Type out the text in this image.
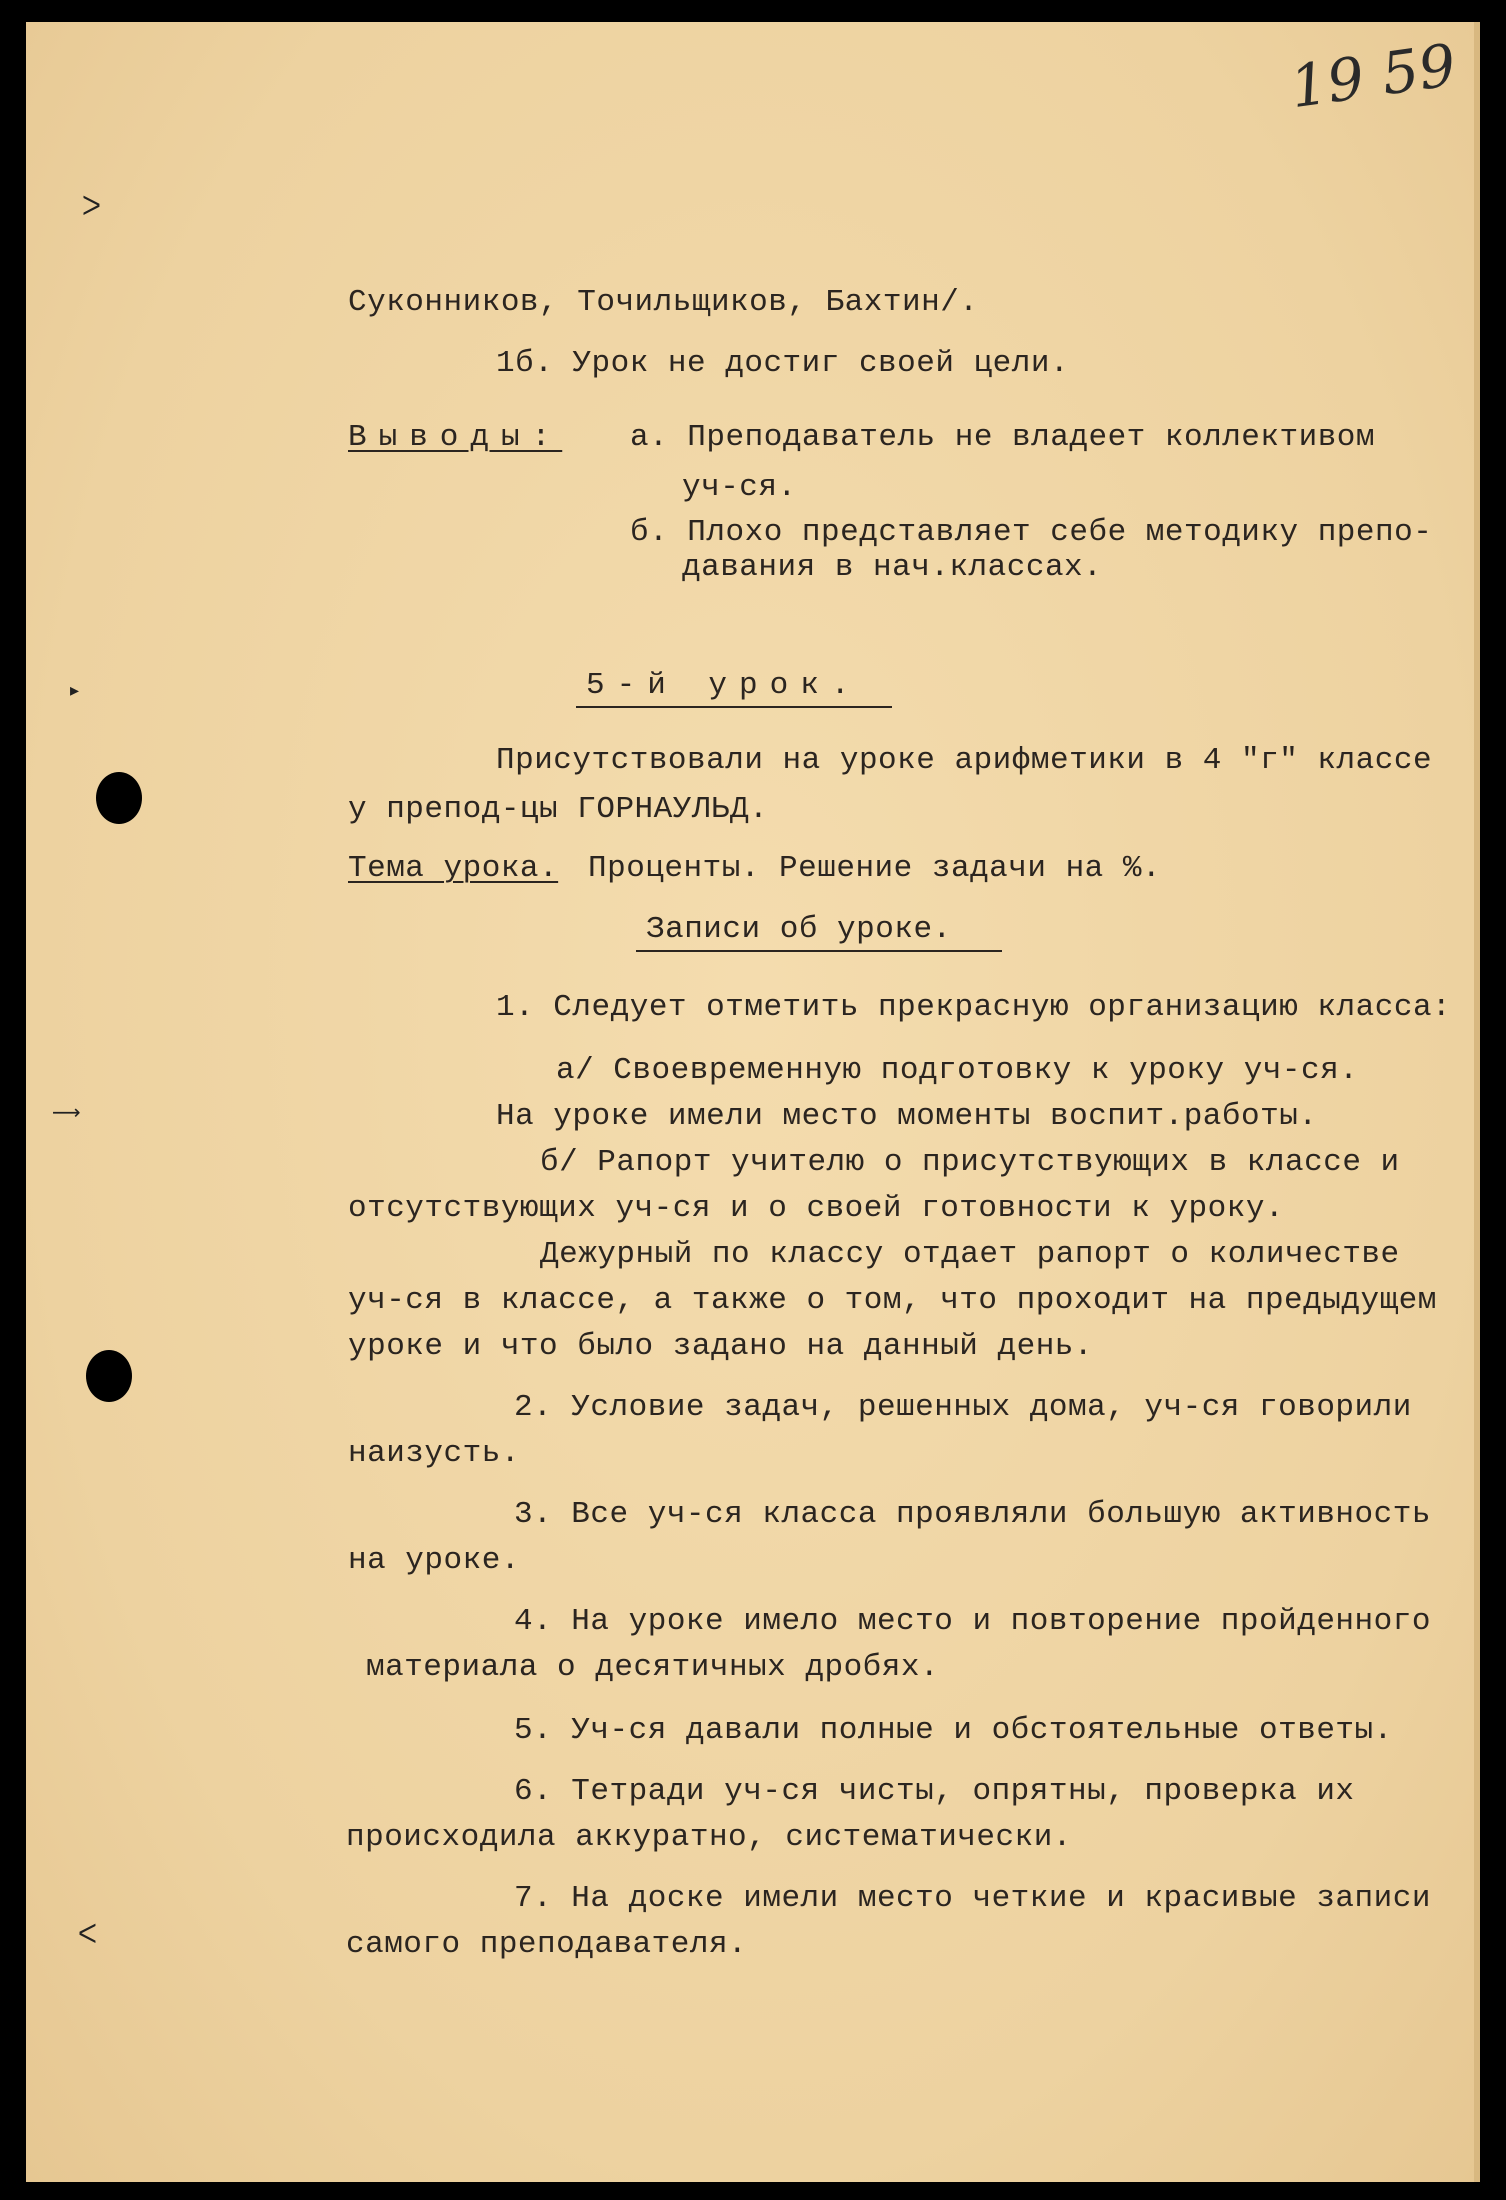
ᐳ
▸
⟶
ᐸ
19 59
Суконников, Точильщиков, Бахтин/.
1б. Урок не достиг своей цели.
Выводы: а. Преподаватель не владеет коллективом
уч-ся.
б. Плохо представляет себе методику препо-
давания в нач.классах.
5-й урок.
Присутствовали на уроке арифметики в 4 "г" классе
у препод-цы ГОРНАУЛЬД.
Тема урока. Проценты. Решение задачи на %.
Записи об уроке.
1. Следует отметить прекрасную организацию класса:
а/ Своевременную подготовку к уроку уч-ся.
На уроке имели место моменты воспит.работы.
б/ Рапорт учителю о присутствующих в классе и
отсутствующих уч-ся и о своей готовности к уроку.
Дежурный по классу отдает рапорт о количестве
уч-ся в классе, а также о том, что проходит на предыдущем
уроке и что было задано на данный день.
2. Условие задач, решенных дома, уч-ся говорили
наизусть.
3. Все уч-ся класса проявляли большую активность
на уроке.
4. На уроке имело место и повторение пройденного
материала о десятичных дробях.
5. Уч-ся давали полные и обстоятельные ответы.
6. Тетради уч-ся чисты, опрятны, проверка их
происходила аккуратно, систематически.
7. На доске имели место четкие и красивые записи
самого преподавателя.
